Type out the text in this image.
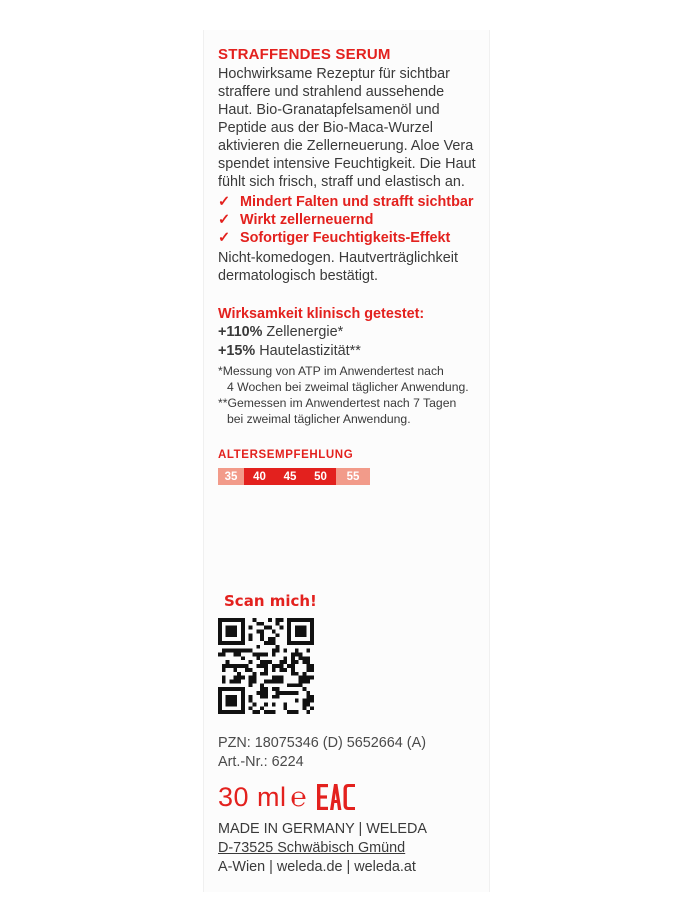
STRAFFENDES SERUM

Hochwirksame Rezeptur für sichtbar straffere und strahlend aussehende Haut. Bio-Granatapfelsamenöl und Peptide aus der Bio-Maca-Wurzel aktivieren die Zellerneuerung. Aloe Vera spendet intensive Feuchtigkeit. Die Haut fühlt sich frisch, straff und elastisch an.

✓ Mindert Falten und strafft sichtbar
✓ Wirkt zellerneuernd
✓ Sofortiger Feuchtigkeits-Effekt

Nicht-komedogen. Hautverträglichkeit dermatologisch bestätigt.

Wirksamkeit klinisch getestet:
+110% Zellenergie*
+15% Hautelastizität**
*Messung von ATP im Anwendertest nach
4 Wochen bei zweimal täglicher Anwendung.
**Gemessen im Anwendertest nach 7 Tagen
bei zweimal täglicher Anwendung.
ALTERSEMPFEHLUNG
35	40	45	50	55
Scan mich!
PZN: 18075346 (D) 5652664 (A)
Art.-Nr.: 6224
30 ml ℮
MADE IN GERMANY | WELEDA
D-73525 Schwäbisch Gmünd
A-Wien | weleda.de | weleda.at
